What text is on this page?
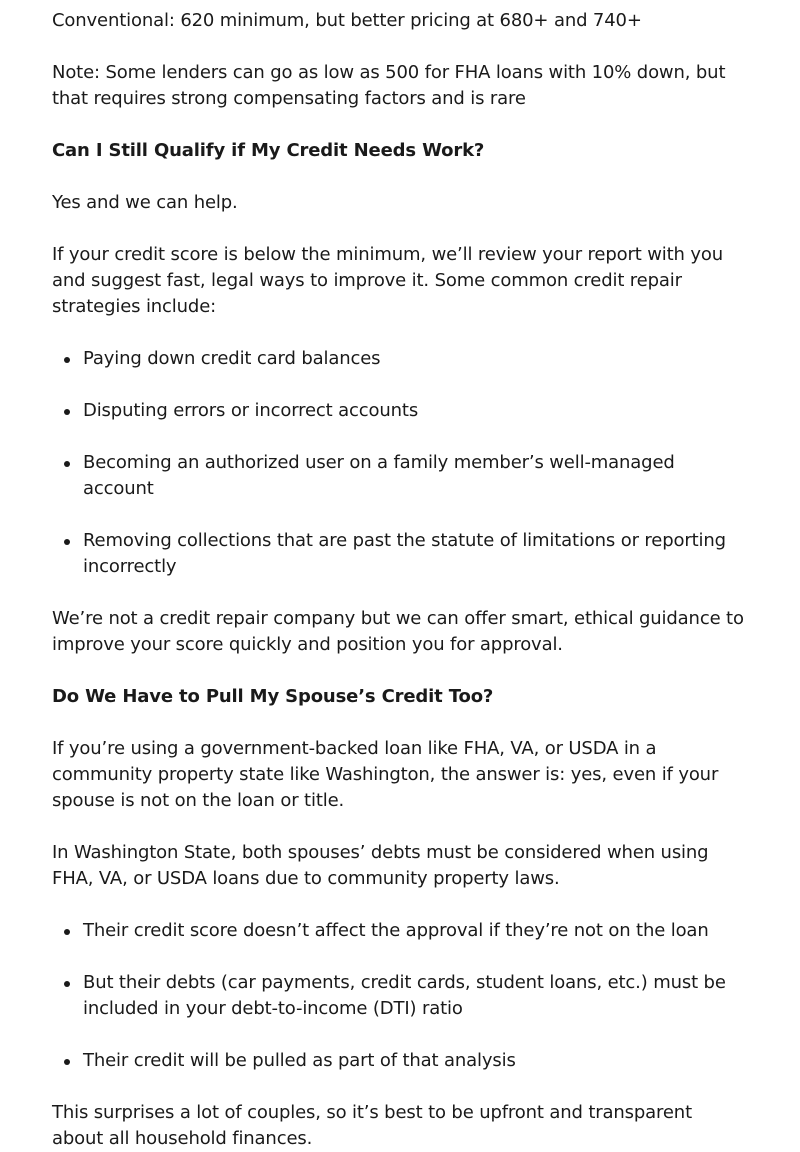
Conventional: 620 minimum, but better pricing at 680+ and 740+

Note: Some lenders can go as low as 500 for FHA loans with 10% down, but that requires strong compensating factors and is rare

Can I Still Qualify if My Credit Needs Work?

Yes and we can help.

If your credit score is below the minimum, we’ll review your report with you and suggest fast, legal ways to improve it. Some common credit repair strategies include:

Paying down credit card balances
Disputing errors or incorrect accounts
Becoming an authorized user on a family member’s well-managed account
Removing collections that are past the statute of limitations or reporting incorrectly

We’re not a credit repair company but we can offer smart, ethical guidance to improve your score quickly and position you for approval.

Do We Have to Pull My Spouse’s Credit Too?

If you’re using a government-backed loan like FHA, VA, or USDA in a community property state like Washington, the answer is: yes, even if your spouse is not on the loan or title.

In Washington State, both spouses’ debts must be considered when using FHA, VA, or USDA loans due to community property laws.

Their credit score doesn’t affect the approval if they’re not on the loan
But their debts (car payments, credit cards, student loans, etc.) must be included in your debt-to-income (DTI) ratio
Their credit will be pulled as part of that analysis

This surprises a lot of couples, so it’s best to be upfront and transparent about all household finances.
